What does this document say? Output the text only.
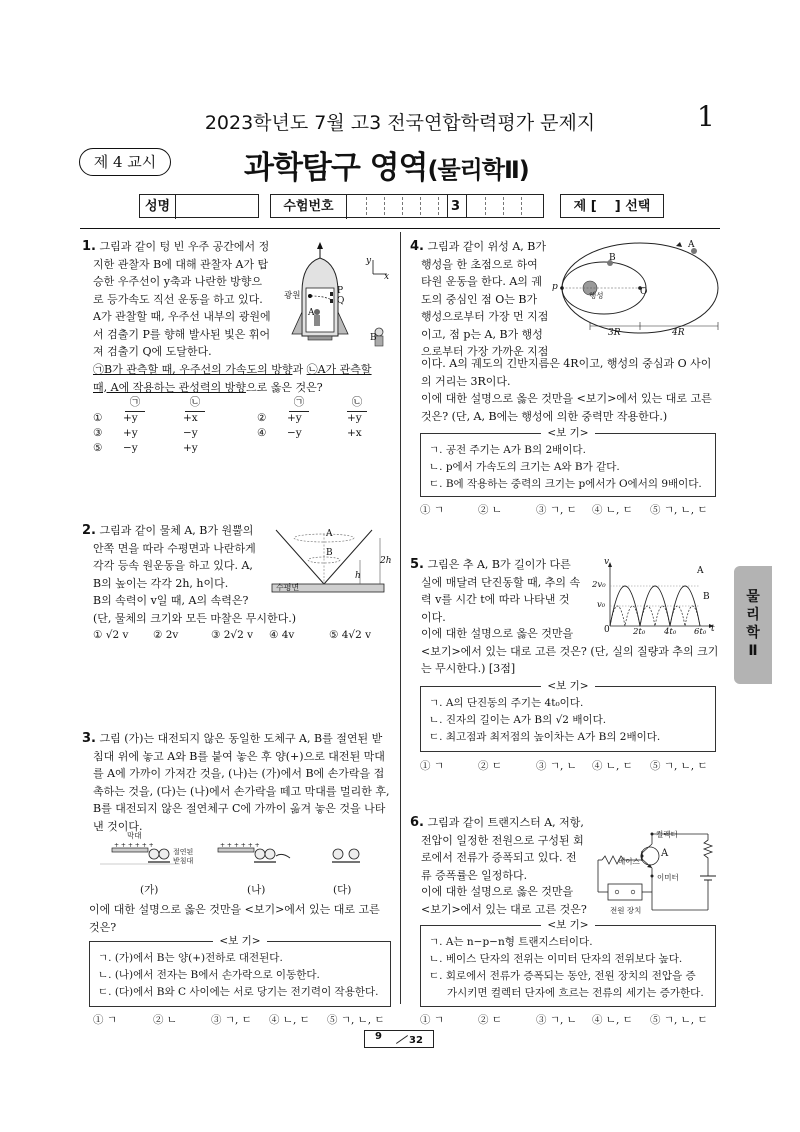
2023학년도 7월 고3 전국연합학력평가 문제지	1
제 4 교시	과학탐구 영역(물리학Ⅱ)
성명	수험번호	3	제 [    ] 선택
1. 그림과 같이 텅 빈 우주 공간에서 정
지한 관찰자 B에 대해 관찰자 A가 탑
승한 우주선이 y축과 나란한 방향으
로 등가속도 직선 운동을 하고 있다.
A가 관찰할 때, 우주선 내부의 광원에
서 검출기 P를 향해 발사된 빛은 휘어
져 검출기 Q에 도달한다.
㉠B가 관측할 때, 우주선의 가속도의 방향과 ㉡A가 관측할
때, A에 작용하는 관성력의 방향으로 옳은 것은?
광원	P
Q
A
B
y
x
㉠	㉡	㉠	㉡
① +y	+x	② +y	+y
③ +y	−y	④ −y	+x
⑤ −y	+y
2. 그림과 같이 물체 A, B가 원뿔의
안쪽 면을 따라 수평면과 나란하게
각각 등속 원운동을 하고 있다. A,
B의 높이는 각각 2h, h이다.
B의 속력이 v일 때, A의 속력은?
(단, 물체의 크기와 모든 마찰은 무시한다.)
A
B
2h
h
수평면
① √2 v ② 2v	③ 2√2 v ④ 4v	⑤ 4√2 v
3. 그림 (가)는 대전되지 않은 동일한 도체구 A, B를 절연된 받
침대 위에 놓고 A와 B를 붙여 놓은 후 양(+)으로 대전된 막대
를 A에 가까이 가져간 것을, (나)는 (가)에서 B에 손가락을 접
촉하는 것을, (다)는 (나)에서 손가락을 떼고 막대를 멀리한 후,
B를 대전되지 않은 절연체구 C에 가까이 옮겨 놓은 것을 나타
낸 것이다.
+ + + + + +	+ + + + + +
막대
절연된
받침대
(가)	(나)	(다)
이에 대한 설명으로 옳은 것만을 <보기>에서 있는 대로 고른
것은?
<보 기>
ㄱ. (가)에서 B는 양(+)전하로 대전된다.
ㄴ. (나)에서 전자는 B에서 손가락으로 이동한다.
ㄷ. (다)에서 B와 C 사이에는 서로 당기는 전기력이 작용한다.
① ㄱ	② ㄴ	③ ㄱ, ㄷ ④ ㄴ, ㄷ ⑤ ㄱ, ㄴ, ㄷ
4. 그림과 같이 위성 A, B가
행성을 한 초점으로 하여
타원 운동을 한다. A의 궤
도의 중심인 점 O는 B가
행성으로부터 가장 먼 지점
이고, 점 p는 A, B가 행성
으로부터 가장 가까운 지점
A
B
p	O
행성
3R	4R
이다. A의 궤도의 긴반지름은 4R이고, 행성의 중심과 O 사이
의 거리는 3R이다.
이에 대한 설명으로 옳은 것만을 <보기>에서 있는 대로 고른
것은? (단, A, B에는 행성에 의한 중력만 작용한다.)
<보 기>
ㄱ. 공전 주기는 A가 B의 2배이다.
ㄴ. p에서 가속도의 크기는 A와 B가 같다.
ㄷ. B에 작용하는 중력의 크기는 p에서가 O에서의 9배이다.
① ㄱ	② ㄴ	③ ㄱ, ㄷ ④ ㄴ, ㄷ ⑤ ㄱ, ㄴ, ㄷ
5. 그림은 추 A, B가 길이가 다른
실에 매달려 단진동할 때, 추의 속
력 v를 시간 t에 따라 나타낸 것
이다.
v
2v₀
v₀
0	2t₀ 4t₀ 6t₀ t
A
B
이에 대한 설명으로 옳은 것만을
<보기>에서 있는 대로 고른 것은? (단, 실의 질량과 추의 크기
는 무시한다.) [3점]
<보 기>
ㄱ. A의 단진동의 주기는 4t₀이다.
ㄴ. 진자의 길이는 A가 B의 √2 배이다.
ㄷ. 최고점과 최저점의 높이차는 A가 B의 2배이다.
① ㄱ	② ㄷ	③ ㄱ, ㄴ ④ ㄴ, ㄷ ⑤ ㄱ, ㄴ, ㄷ
6. 그림과 같이 트랜지스터 A, 저항,
전압이 일정한 전원으로 구성된 회
로에서 전류가 증폭되고 있다. 전
류 증폭률은 일정하다.
컬렉터
베이스
이미터
A
전원 장치
이에 대한 설명으로 옳은 것만을
<보기>에서 있는 대로 고른 것은?
<보 기>
ㄱ. A는 n−p−n형 트랜지스터이다.
ㄴ. 베이스 단자의 전위는 이미터 단자의 전위보다 높다.
ㄷ. 회로에서 전류가 증폭되는 동안, 전원 장치의 전압을 증
가시키면 컬렉터 단자에 흐르는 전류의 세기는 증가한다.
① ㄱ	② ㄷ	③ ㄱ, ㄴ ④ ㄴ, ㄷ ⑤ ㄱ, ㄴ, ㄷ
물리학Ⅱ
9	32
